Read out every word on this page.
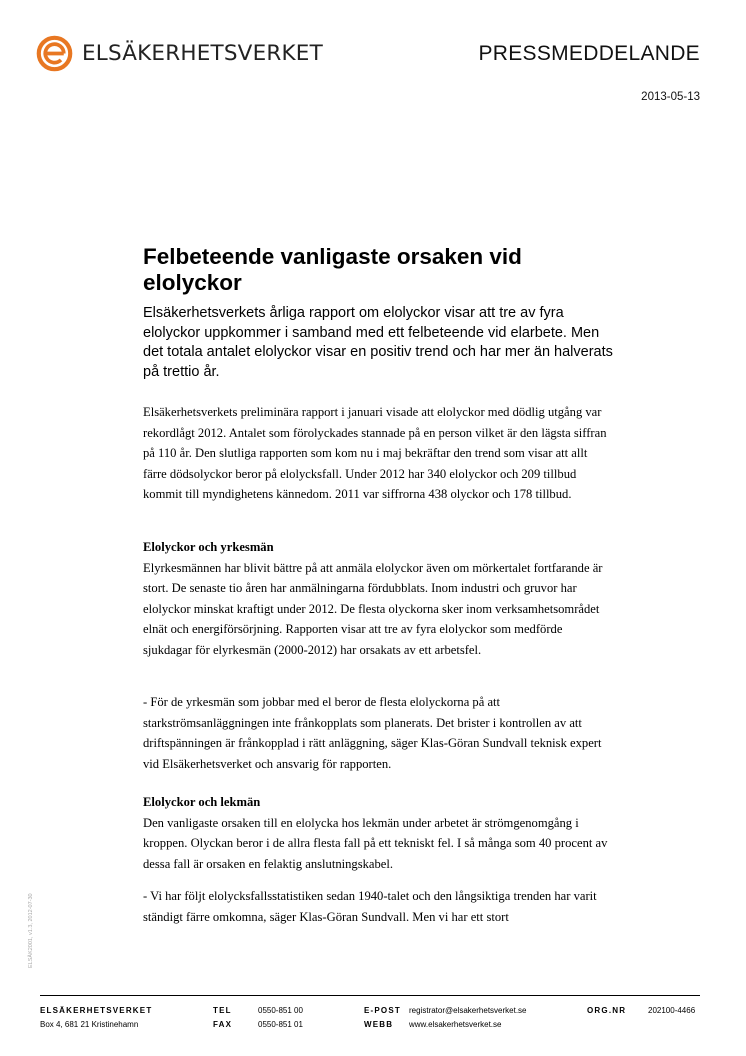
ELSÄKERHETSVERKET	PRESSMEDDELANDE
2013-05-13
Felbeteende vanligaste orsaken vid elolyckor

Elsäkerhetsverkets årliga rapport om elolyckor visar att tre av fyra elolyckor uppkommer i samband med ett felbeteende vid elarbete. Men det totala antalet elolyckor visar en positiv trend och har mer än halverats på trettio år.

Elsäkerhetsverkets preliminära rapport i januari visade att elolyckor med dödlig utgång var rekordlågt 2012. Antalet som förolyckades stannade på en person vilket är den lägsta siffran på 110 år. Den slutliga rapporten som kom nu i maj bekräftar den trend som visar att allt färre dödsolyckor beror på elolycksfall. Under 2012 har 340 elolyckor och 209 tillbud kommit till myndighetens kännedom. 2011 var siffrorna 438 olyckor och 178 tillbud.

Elolyckor och yrkesmän
Elyrkesmännen har blivit bättre på att anmäla elolyckor även om mörkertalet fortfarande är stort. De senaste tio åren har anmälningarna fördubblats. Inom industri och gruvor har elolyckor minskat kraftigt under 2012. De flesta olyckorna sker inom verksamhetsområdet elnät och energiförsörjning. Rapporten visar att tre av fyra elolyckor som medförde sjukdagar för elyrkesmän (2000-2012) har orsakats av ett arbetsfel.

- För de yrkesmän som jobbar med el beror de flesta elolyckorna på att starkströmsanläggningen inte frånkopplats som planerats. Det brister i kontrollen av att driftspänningen är frånkopplad i rätt anläggning, säger Klas-Göran Sundvall teknisk expert vid Elsäkerhetsverket och ansvarig för rapporten.

Elolyckor och lekmän
Den vanligaste orsaken till en elolycka hos lekmän under arbetet är strömgenomgång i kroppen. Olyckan beror i de allra flesta fall på ett tekniskt fel. I så många som 40 procent av dessa fall är orsaken en felaktig anslutningskabel.

- Vi har följt elolycksfallsstatistiken sedan 1940-talet och den långsiktiga trenden har varit ständigt färre omkomna, säger Klas-Göran Sundvall. Men vi har ett stort

ELSÄK2001, v1.3, 2012-07-30
ELSÄKERHETSVERKET
Box 4, 681 21 Kristinehamn
TEL
FAX
0550-851 00
0550-851 01
E-POST
WEBB
registrator@elsakerhetsverket.se
www.elsakerhetsverket.se
ORG.NR	202100-4466
